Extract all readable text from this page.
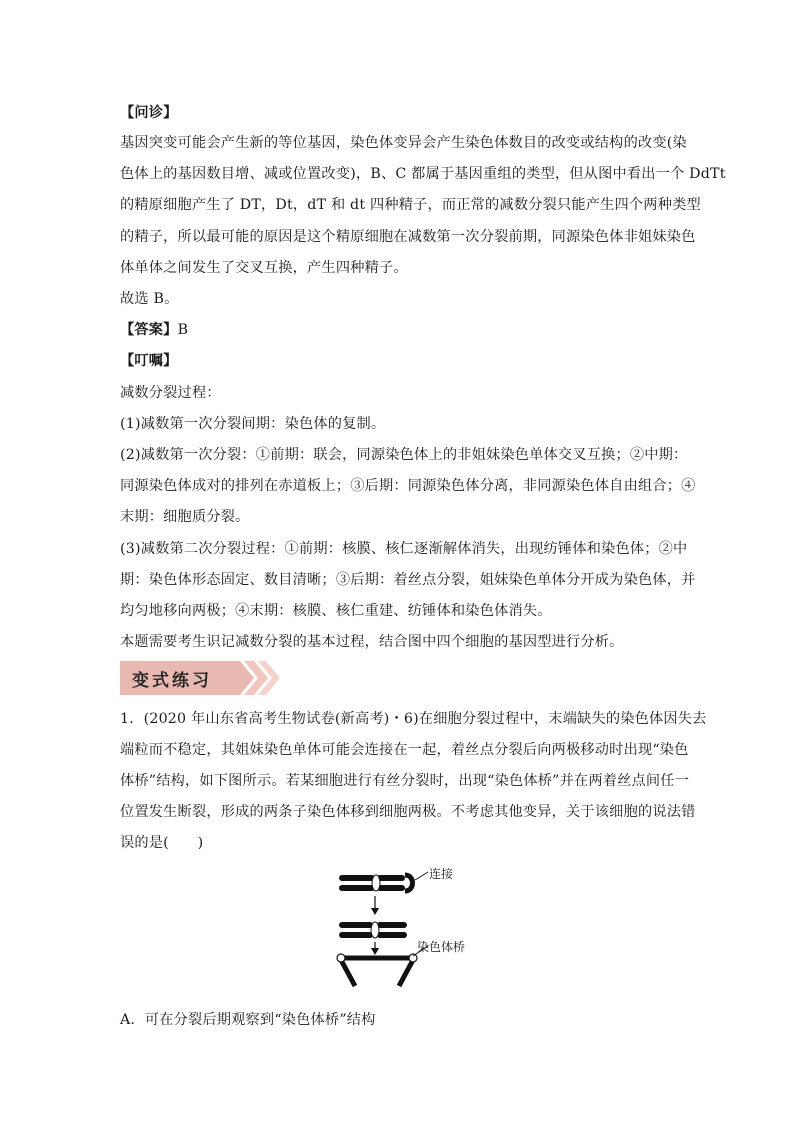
【问诊】
基因突变可能会产生新的等位基因，染色体变异会产生染色体数目的改变或结构的改变(染
色体上的基因数目增、减或位置改变)，B、C 都属于基因重组的类型，但从图中看出一个 DdTt
的精原细胞产生了 DT，Dt，dT 和 dt 四种精子，而正常的减数分裂只能产生四个两种类型
的精子，所以最可能的原因是这个精原细胞在减数第一次分裂前期，同源染色体非姐妹染色
体单体之间发生了交叉互换，产生四种精子。
故选 B。
【答案】B
【叮嘱】
减数分裂过程：
(1)减数第一次分裂间期：染色体的复制。
(2)减数第一次分裂：①前期：联会，同源染色体上的非姐妹染色单体交叉互换；②中期：
同源染色体成对的排列在赤道板上；③后期：同源染色体分离，非同源染色体自由组合；④
末期：细胞质分裂。
(3)减数第二次分裂过程：①前期：核膜、核仁逐渐解体消失，出现纺锤体和染色体；②中
期：染色体形态固定、数目清晰；③后期：着丝点分裂，姐妹染色单体分开成为染色体，并
均匀地移向两极；④末期：核膜、核仁重建、纺锤体和染色体消失。
本题需要考生识记减数分裂的基本过程，结合图中四个细胞的基因型进行分析。
变式练习
1．(2020 年山东省高考生物试卷(新高考)・6)在细胞分裂过程中，末端缺失的染色体因失去
端粒而不稳定，其姐妹染色单体可能会连接在一起，着丝点分裂后向两极移动时出现“染色
体桥”结构，如下图所示。若某细胞进行有丝分裂时，出现“染色体桥”并在两着丝点间任一
位置发生断裂，形成的两条子染色体移到细胞两极。不考虑其他变异，关于该细胞的说法错
误的是(　　)
连接
染色体桥
A．可在分裂后期观察到“染色体桥”结构
